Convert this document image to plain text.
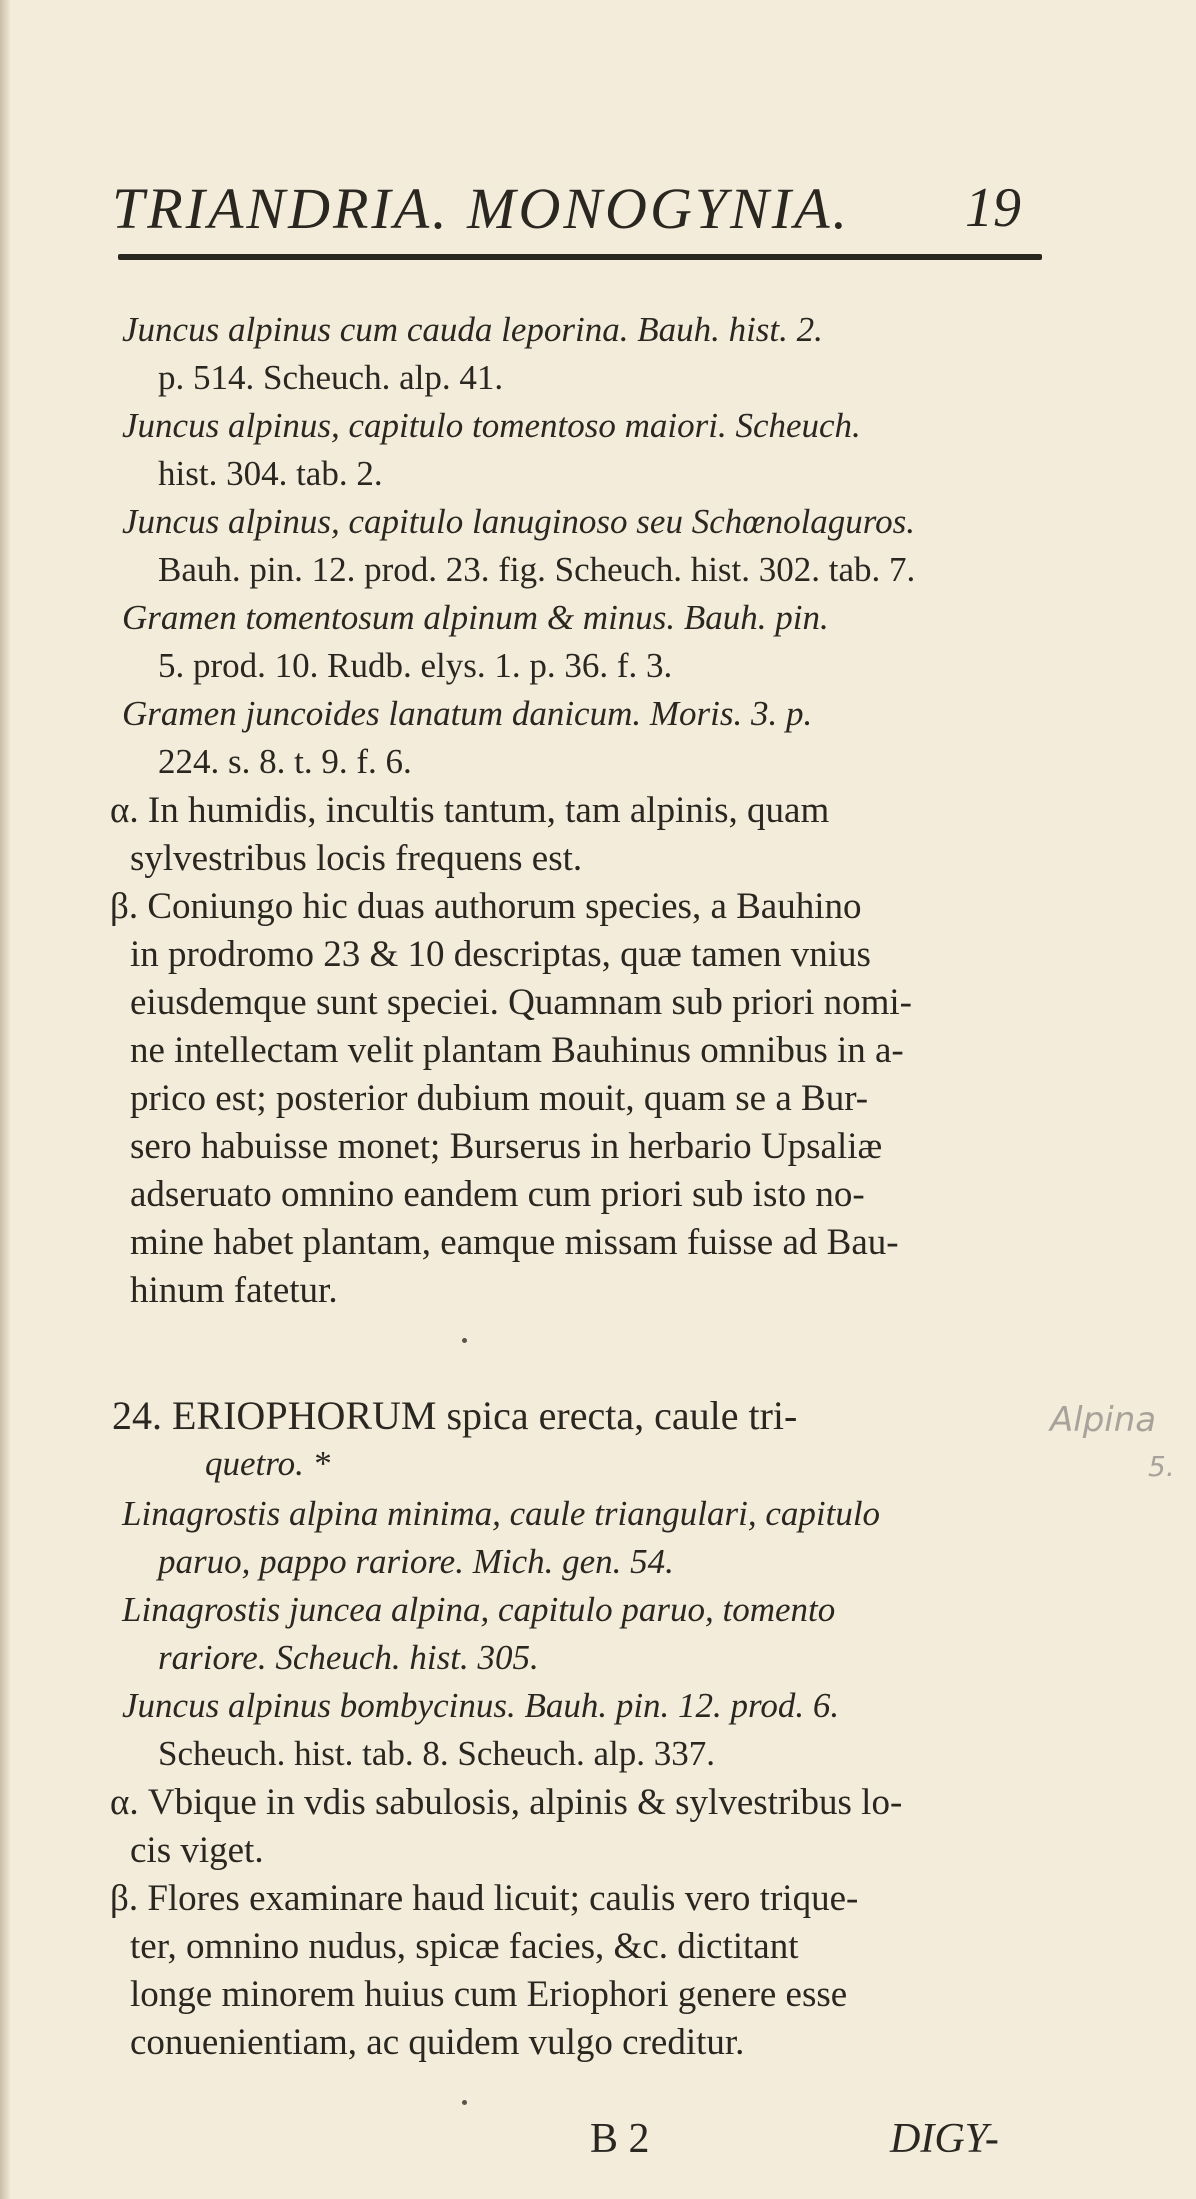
TRIANDRIA. MONOGYNIA. 19
Juncus alpinus cum cauda leporina. Bauh. hist. 2.
p. 514. Scheuch. alp. 41.
Juncus alpinus, capitulo tomentoso maiori. Scheuch.
hist. 304. tab. 2.
Juncus alpinus, capitulo lanuginoso seu Schœnolaguros.
Bauh. pin. 12. prod. 23. fig. Scheuch. hist. 302. tab. 7.
Gramen tomentosum alpinum & minus. Bauh. pin.
5. prod. 10. Rudb. elys. 1. p. 36. f. 3.
Gramen juncoides lanatum danicum. Moris. 3. p.
224. s. 8. t. 9. f. 6.
α. In humidis, incultis tantum, tam alpinis, quam
sylvestribus locis frequens est.
β. Coniungo hic duas authorum species, a Bauhino
in prodromo 23 & 10 descriptas, quæ tamen vnius
eiusdemque sunt speciei. Quamnam sub priori nomi-
ne intellectam velit plantam Bauhinus omnibus in a-
prico est; posterior dubium mouit, quam se a Bur-
sero habuisse monet; Burserus in herbario Upsaliæ
adseruato omnino eandem cum priori sub isto no-
mine habet plantam, eamque missam fuisse ad Bau-
hinum fatetur.
24. ERIOPHORUM spica erecta, caule tri-
quetro. *
Alpina
5.
Linagrostis alpina minima, caule triangulari, capitulo
paruo, pappo rariore. Mich. gen. 54.
Linagrostis juncea alpina, capitulo paruo, tomento
rariore. Scheuch. hist. 305.
Juncus alpinus bombycinus. Bauh. pin. 12. prod. 6.
Scheuch. hist. tab. 8. Scheuch. alp. 337.
α. Vbique in vdis sabulosis, alpinis & sylvestribus lo-
cis viget.
β. Flores examinare haud licuit; caulis vero trique-
ter, omnino nudus, spicæ facies, &c. dictitant
longe minorem huius cum Eriophori genere esse
conuenientiam, ac quidem vulgo creditur.
B 2	DIGY-
